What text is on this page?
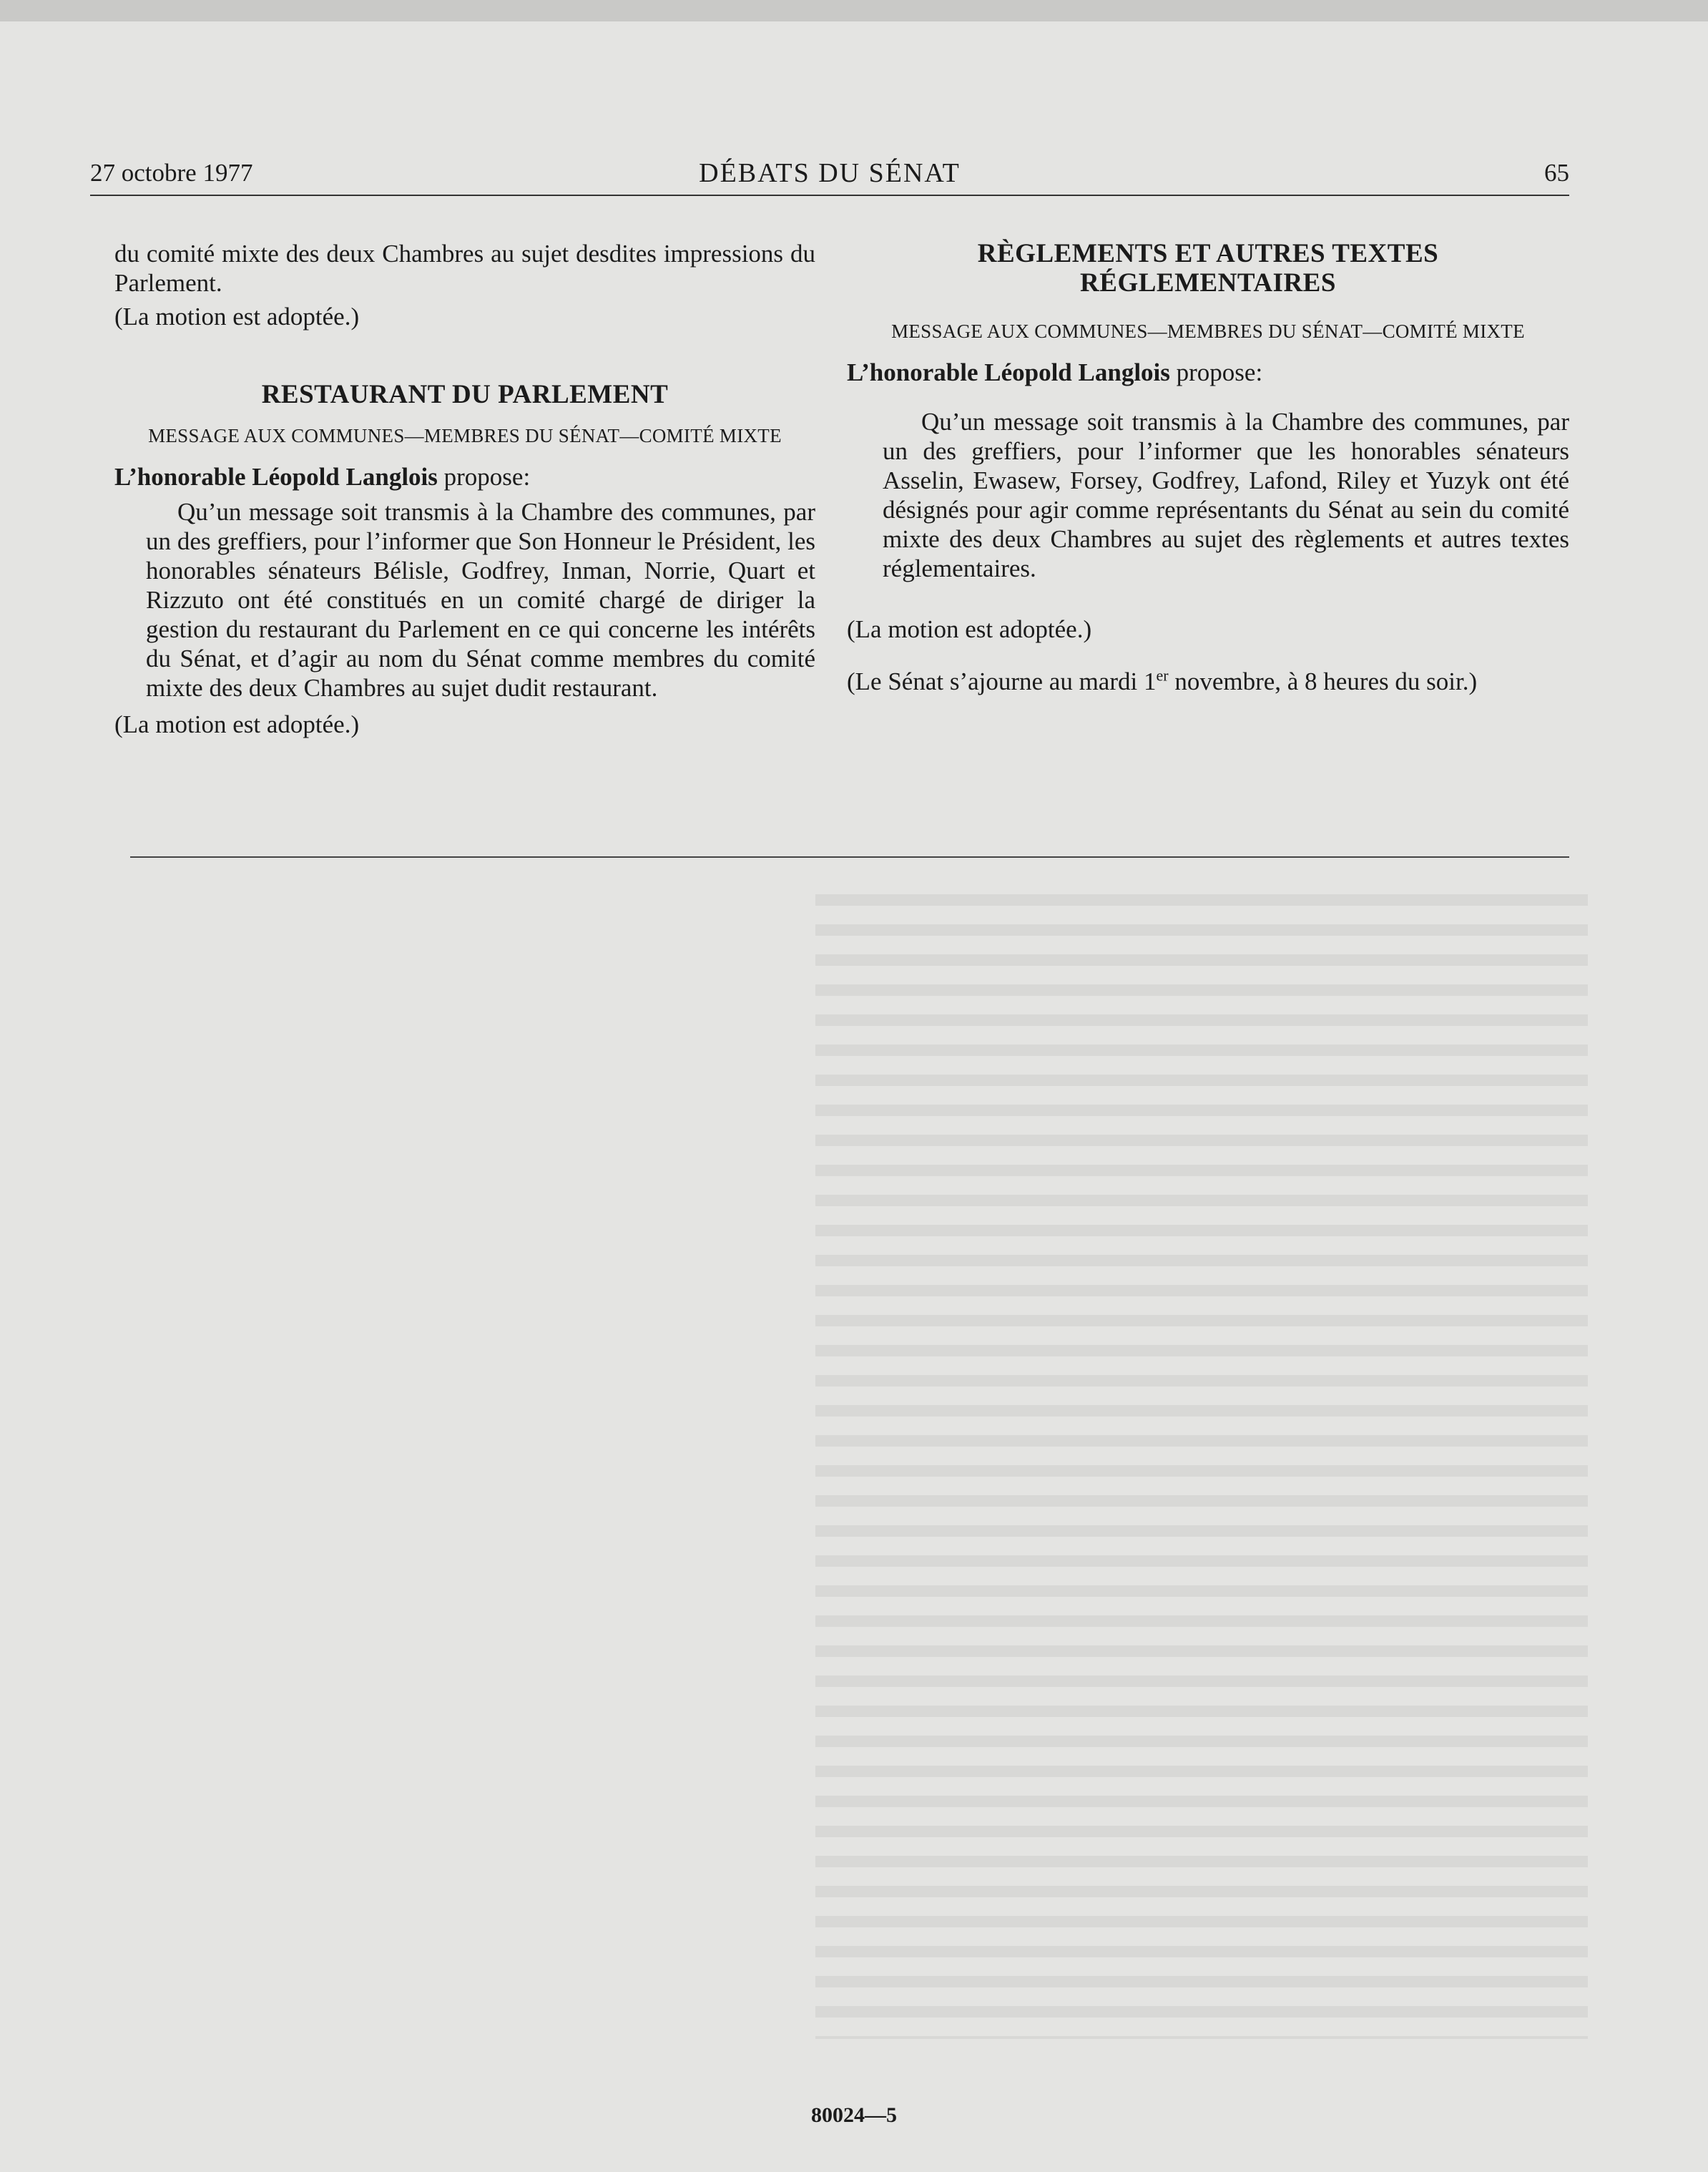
27 octobre 1977	DÉBATS DU SÉNAT	65

du comité mixte des deux Chambres au sujet desdites impressions du Parlement.

(La motion est adoptée.)

RESTAURANT DU PARLEMENT

MESSAGE AUX COMMUNES—MEMBRES DU SÉNAT—COMITÉ MIXTE

L’honorable Léopold Langlois propose:

Qu’un message soit transmis à la Chambre des communes, par un des greffiers, pour l’informer que Son Honneur le Président, les honorables sénateurs Bélisle, Godfrey, Inman, Norrie, Quart et Rizzuto ont été constitués en un comité chargé de diriger la gestion du restaurant du Parlement en ce qui concerne les intérêts du Sénat, et d’agir au nom du Sénat comme membres du comité mixte des deux Chambres au sujet dudit restaurant.

(La motion est adoptée.)

RÈGLEMENTS ET AUTRES TEXTES

RÉGLEMENTAIRES

MESSAGE AUX COMMUNES—MEMBRES DU SÉNAT—COMITÉ MIXTE

L’honorable Léopold Langlois propose:

Qu’un message soit transmis à la Chambre des communes, par un des greffiers, pour l’informer que les honorables sénateurs Asselin, Ewasew, Forsey, Godfrey, Lafond, Riley et Yuzyk ont été désignés pour agir comme représentants du Sénat au sein du comité mixte des deux Chambres au sujet des règlements et autres textes réglementaires.

(La motion est adoptée.)

(Le Sénat s’ajourne au mardi 1er novembre, à 8 heures du soir.)

80024—5
